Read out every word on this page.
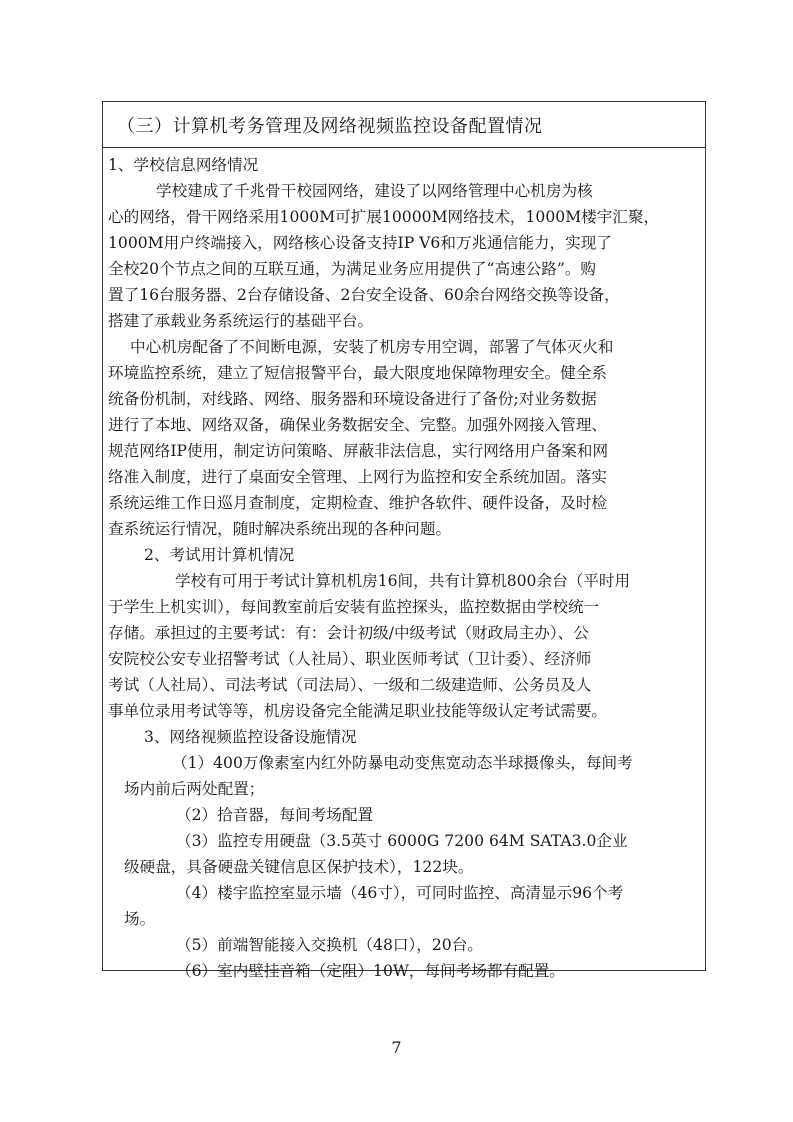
（三）计算机考务管理及网络视频监控设备配置情况
1、学校信息网络情况
学校建成了千兆骨干校园网络，建设了以网络管理中心机房为核
心的网络，骨干网络采用1000M可扩展10000M网络技术，1000M楼宇汇聚，
1000M用户终端接入，网络核心设备支持IP V6和万兆通信能力，实现了
全校20个节点之间的互联互通，为满足业务应用提供了“高速公路”。购
置了16台服务器、2台存储设备、2台安全设备、60余台网络交换等设备，
搭建了承载业务系统运行的基础平台。
中心机房配备了不间断电源，安装了机房专用空调，部署了气体灭火和
环境监控系统，建立了短信报警平台，最大限度地保障物理安全。健全系
统备份机制，对线路、网络、服务器和环境设备进行了备份;对业务数据
进行了本地、网络双备，确保业务数据安全、完整。加强外网接入管理、
规范网络IP使用，制定访问策略、屏蔽非法信息，实行网络用户备案和网
络准入制度，进行了桌面安全管理、上网行为监控和安全系统加固。落实
系统运维工作日巡月查制度，定期检查、维护各软件、硬件设备，及时检
查系统运行情况，随时解决系统出现的各种问题。
2、考试用计算机情况
学校有可用于考试计算机机房16间，共有计算机800余台（平时用
于学生上机实训），每间教室前后安装有监控探头，监控数据由学校统一
存储。承担过的主要考试：有：会计初级/中级考试（财政局主办）、公
安院校公安专业招警考试（人社局）、职业医师考试（卫计委）、经济师
考试（人社局）、司法考试（司法局）、一级和二级建造师、公务员及人
事单位录用考试等等，机房设备完全能满足职业技能等级认定考试需要。
3、网络视频监控设备设施情况
（1）400万像素室内红外防暴电动变焦宽动态半球摄像头，每间考
场内前后两处配置；
（2）拾音器，每间考场配置
（3）监控专用硬盘（3.5英寸 6000G 7200 64M SATA3.0企业
级硬盘，具备硬盘关键信息区保护技术），122块。
（4）楼宇监控室显示墙（46寸），可同时监控、高清显示96个考
场。
（5）前端智能接入交换机（48口），20台。
（6）室内壁挂音箱（定阻）10W，每间考场都有配置。
7
